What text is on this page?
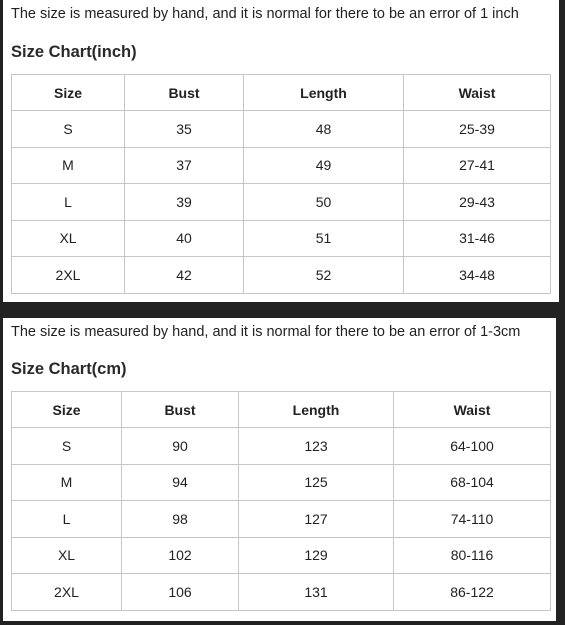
The size is measured by hand, and it is normal for there to be an error of 1 inch
Size Chart(inch)
Size	Bust	Length	Waist
S	35	48	25-39
M	37	49	27-41
L	39	50	29-43
XL	40	51	31-46
2XL	42	52	34-48
The size is measured by hand, and it is normal for there to be an error of 1-3cm
Size Chart(cm)
Size	Bust	Length	Waist
S	90	123	64-100
M	94	125	68-104
L	98	127	74-110
XL	102	129	80-116
2XL	106	131	86-122
